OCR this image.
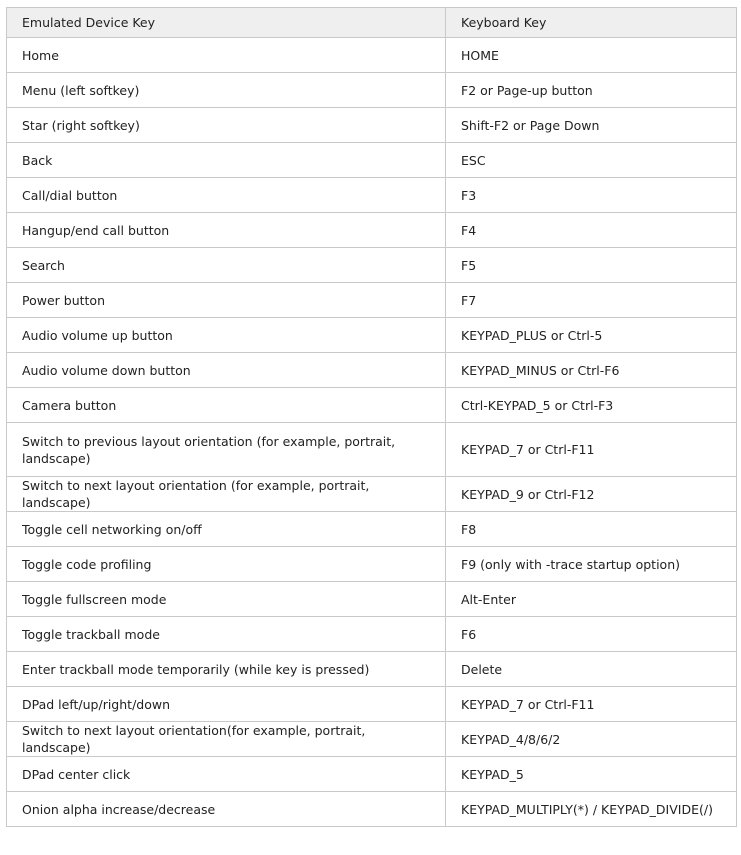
Emulated Device Key	Keyboard Key
Home	HOME
Menu (left softkey)	F2 or Page-up button
Star (right softkey)	Shift-F2 or Page Down
Back	ESC
Call/dial button	F3
Hangup/end call button	F4
Search	F5
Power button	F7
Audio volume up button	KEYPAD_PLUS or Ctrl-5
Audio volume down button	KEYPAD_MINUS or Ctrl-F6
Camera button	Ctrl-KEYPAD_5 or Ctrl-F3
Switch to previous layout orientation (for example, portrait, landscape)	KEYPAD_7 or Ctrl-F11
Switch to next layout orientation (for example, portrait, landscape)	KEYPAD_9 or Ctrl-F12
Toggle cell networking on/off	F8
Toggle code profiling	F9 (only with -trace startup option)
Toggle fullscreen mode	Alt-Enter
Toggle trackball mode	F6
Enter trackball mode temporarily (while key is pressed)	Delete
DPad left/up/right/down	KEYPAD_7 or Ctrl-F11
Switch to next layout orientation(for example, portrait, landscape)	KEYPAD_4/8/6/2
DPad center click	KEYPAD_5
Onion alpha increase/decrease	KEYPAD_MULTIPLY(*) / KEYPAD_DIVIDE(/)
